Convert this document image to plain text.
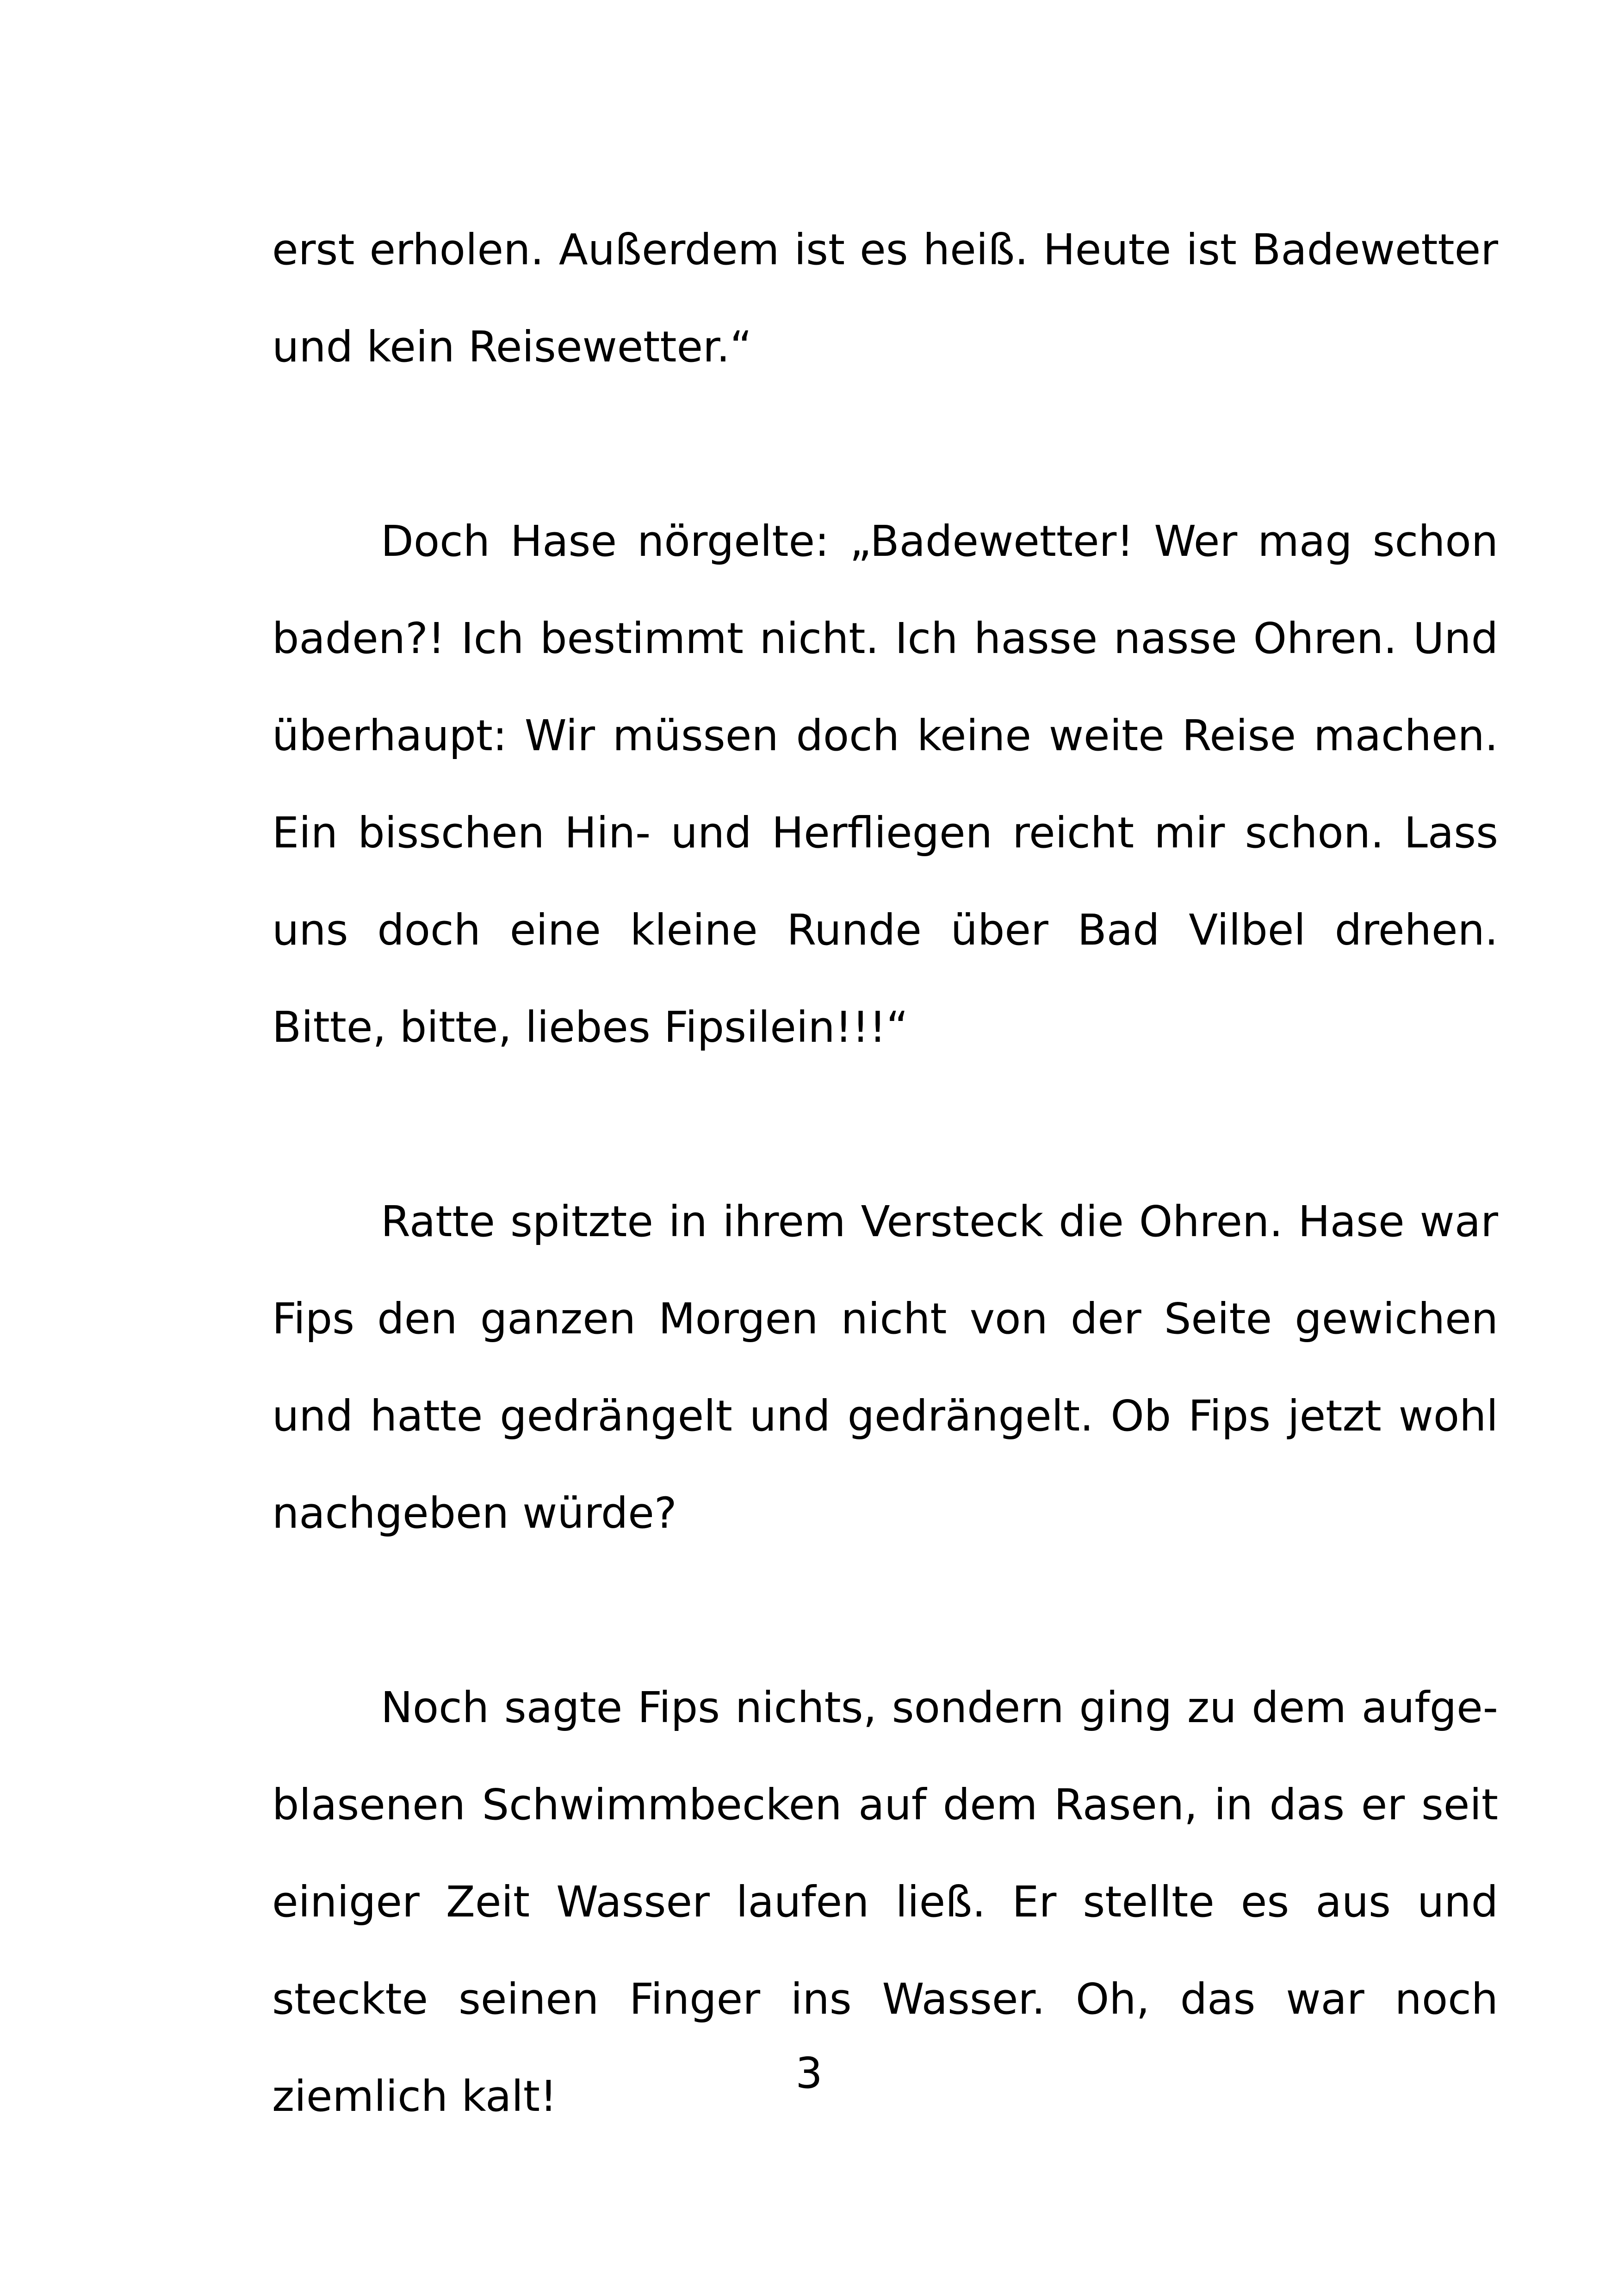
erst erholen. Außerdem ist es heiß. Heute ist Badewetter und kein Reisewetter.“

Doch Hase nörgelte: „Badewetter! Wer mag schon baden?! Ich bestimmt nicht. Ich hasse nasse Ohren. Und überhaupt: Wir müssen doch keine weite Reise machen. Ein bisschen Hin- und Herfliegen reicht mir schon. Lass uns doch eine kleine Runde über Bad Vilbel drehen. Bitte, bitte, liebes Fipsilein!!!“

Ratte spitzte in ihrem Versteck die Ohren. Hase war Fips den ganzen Morgen nicht von der Seite gewichen und hatte gedrängelt und gedrängelt. Ob Fips jetzt wohl nachgeben würde?

Noch sagte Fips nichts, sondern ging zu dem aufgeblasenen Schwimmbecken auf dem Rasen, in das er seit einiger Zeit Wasser laufen ließ. Er stellte es aus und steckte seinen Finger ins Wasser. Oh, das war noch ziemlich kalt!	3
